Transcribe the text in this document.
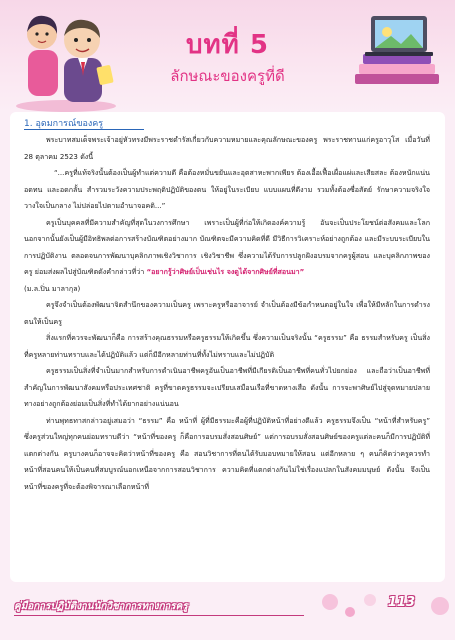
บทที่ 5
ลักษณะของครูที่ดี
1. อุดมการณ์ของครู

พระบาทสมเด็จพระเจ้าอยู่หัวทรงมีพระราชดำรัสเกี่ยวกับความหมายและคุณลักษณะของครู พระราชทานแก่ครูอาวุโส เมื่อวันที่ 28 ตุลาคม 2523 ดังนี้

“...ครูที่แท้จริงนั้นต้องเป็นผู้ทำแต่ความดี คือต้องหมั่นขยันและอุตสาหะพากเพียร ต้องเอื้อเฟื้อเผื่อแผ่และเสียสละ ต้องหนักแน่น อดทน และอดกลั้น สำรวมระวังความประพฤติปฏิบัติของตน ให้อยู่ในระเบียบ แบบแผนที่ดีงาม รวมทั้งต้องซื่อสัตย์ รักษาความจริงใจวางใจเป็นกลาง ไม่ปล่อยไปตามอำนาจอคติ...”

ครูเป็นบุคคลที่มีความสำคัญที่สุดในวงการศึกษา เพราะเป็นผู้ที่ก่อให้เกิดองค์ความรู้ อันจะเป็นประโยชน์ต่อสังคมและโลก นอกจากนั้นยังเป็นผู้มีอิทธิพลต่อการสร้างบัณฑิตอย่างมาก บัณฑิตจะมีความคิดที่ดี มีวิธีการวิเคราะห์อย่างถูกต้อง และมีระบบระเบียบในการปฏิบัติงาน ตลอดจนการพัฒนาบุคลิกภาพเชิงวิชาการ เชิงวิชาชีพ ซึ่งความได้รับการปลูกฝังอบรมจากครูผู้สอน และบุคลิกภาพของครู ย่อมส่งผลไปสู่บัณฑิตดังคำกล่าวที่ว่า “อยากรู้ว่าศิษย์เป็นเช่นไร จงดูได้จากศิษย์ที่สอนมา”

(ม.ล.ปิ่น มาลากุล)

ครูจึงจำเป็นต้องพัฒนาจิตสำนึกของความเป็นครู เพราะครูหรืออาจารย์ จำเป็นต้องมีข้อกำหนดอยู่ในใจ เพื่อให้มีหลักในการดำรงตนให้เป็นครู

สิ่งแรกที่ควรจะพัฒนาก็คือ การสร้างคุณธรรมหรือครูธรรมให้เกิดขึ้น ซึ่งความเป็นจริงนั้น “ครูธรรม” คือ ธรรมสำหรับครู เป็นสิ่งที่ครูหลายท่านทราบและได้ปฏิบัติแล้ว แต่ก็มีอีกหลายท่านที่ทั้งไม่ทราบและไม่ปฏิบัติ

ครูธรรมเป็นสิ่งที่จำเป็นมากสำหรับการดำเนินอาชีพครูอันเป็นอาชีพที่มีเกียรติเป็นอาชีพที่คนทั่วไปยกย่อง และถือว่าเป็นอาชีพที่สำคัญในการพัฒนาสังคมหรือประเทศชาติ ครูที่ขาดครูธรรมจะเปรียบเสมือนเรือที่ขาดหางเสือ ดังนั้น การจะพาศิษย์ไปสู่จุดหมายปลายทางอย่างถูกต้องย่อมเป็นสิ่งที่ทำได้ยากอย่างแน่นอน

ท่านพุทธทาสกล่าวอยู่เสมอว่า “ธรรม” คือ หน้าที่ ผู้ที่มีธรรมะคือผู้ที่ปฏิบัติหน้าที่อย่างดีแล้ว ครูธรรมจึงเป็น “หน้าที่สำหรับครู” ซึ่งครูส่วนใหญ่ทุกคนย่อมทราบดีว่า “หน้าที่ของครู ก็คือการอบรมสั่งสอนศิษย์” แต่การอบรมสั่งสอนศิษย์ของครูแต่ละคนก็มีการปฏิบัติที่แตกต่างกัน ครูบางคนก็อาจจะคิดว่าหน้าที่ของครู คือ สอนวิชาการที่ตนได้รับมอบหมายให้สอน แต่อีกหลาย ๆ คนก็คิดว่าครูควรทำหน้าที่สอนคนให้เป็นคนที่สมบูรณ์นอกเหนือจากการสอนวิชาการ ความคิดที่แตกต่างกันไม่ใช่เรื่องแปลกในสังคมมนุษย์ ดังนั้น จึงเป็นหน้าที่ของครูที่จะต้องพิจารณาเลือกหน้าที่

คู่มือการปฏิบัติงานนักวิชาการทางการครู	113
